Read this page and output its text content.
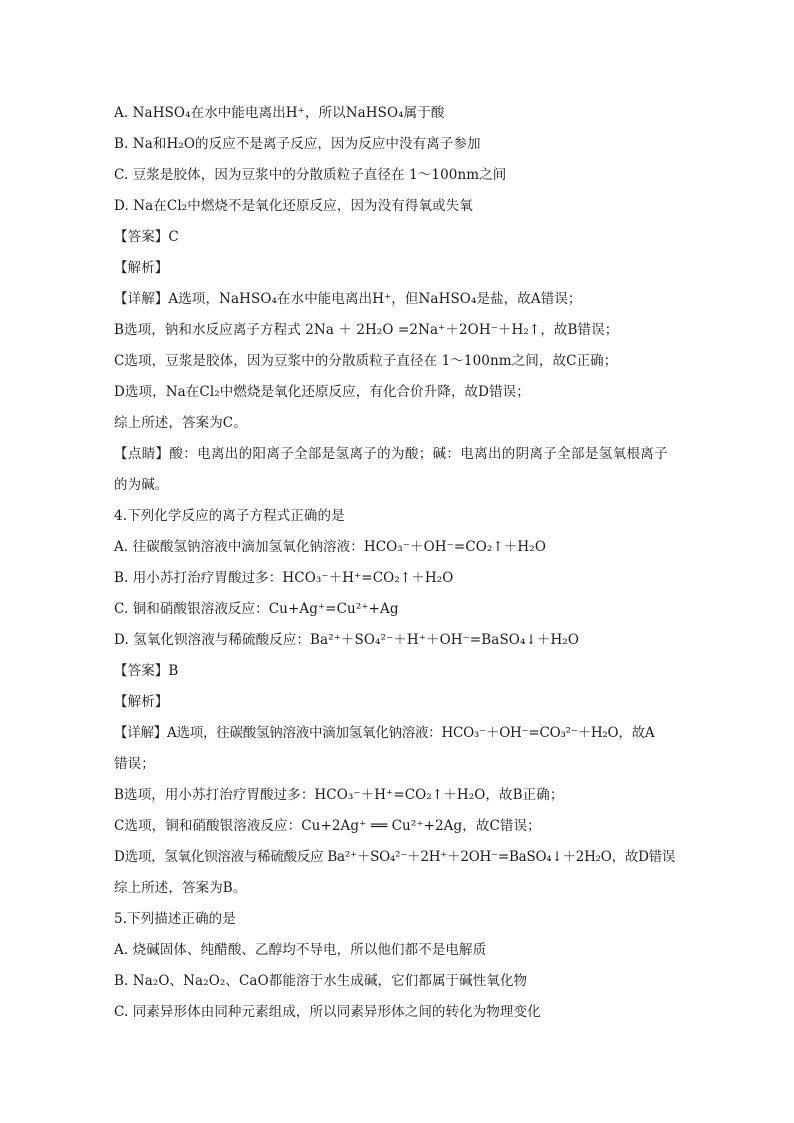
A. NaHSO₄在水中能电离出H⁺，所以NaHSO₄属于酸
B. Na和H₂O的反应不是离子反应，因为反应中没有离子参加
C. 豆浆是胶体，因为豆浆中的分散质粒子直径在 1～100nm之间
D. Na在Cl₂中燃烧不是氧化还原反应，因为没有得氧或失氧
【答案】C
【解析】
【详解】A选项，NaHSO₄在水中能电离出H⁺，但NaHSO₄是盐，故A错误；
B选项，钠和水反应离子方程式 2Na ＋ 2H₂O =2Na⁺＋2OH⁻＋H₂↑，故B错误；
C选项，豆浆是胶体，因为豆浆中的分散质粒子直径在 1～100nm之间，故C正确；
D选项，Na在Cl₂中燃烧是氧化还原反应，有化合价升降，故D错误；
综上所述，答案为C。
【点睛】酸：电离出的阳离子全部是氢离子的为酸；碱：电离出的阴离子全部是氢氧根离子
的为碱。
4.下列化学反应的离子方程式正确的是
A. 往碳酸氢钠溶液中滴加氢氧化钠溶液：HCO₃⁻＋OH⁻=CO₂↑＋H₂O
B. 用小苏打治疗胃酸过多：HCO₃⁻＋H⁺=CO₂↑＋H₂O
C. 铜和硝酸银溶液反应：Cu+Ag⁺=Cu²⁺+Ag
D. 氢氧化钡溶液与稀硫酸反应：Ba²⁺＋SO₄²⁻＋H⁺＋OH⁻=BaSO₄↓＋H₂O
【答案】B
【解析】
【详解】A选项，往碳酸氢钠溶液中滴加氢氧化钠溶液：HCO₃⁻＋OH⁻=CO₃²⁻＋H₂O，故A
错误；
B选项，用小苏打治疗胃酸过多：HCO₃⁻＋H⁺=CO₂↑＋H₂O，故B正确；
C选项，铜和硝酸银溶液反应：Cu+2Ag⁺ ══ Cu²⁺+2Ag，故C错误；
D选项，氢氧化钡溶液与稀硫酸反应 Ba²⁺＋SO₄²⁻＋2H⁺＋2OH⁻=BaSO₄↓＋2H₂O，故D错误
综上所述，答案为B。
5.下列描述正确的是
A. 烧碱固体、纯醋酸、乙醇均不导电，所以他们都不是电解质
B. Na₂O、Na₂O₂、CaO都能溶于水生成碱，它们都属于碱性氧化物
C. 同素异形体由同种元素组成，所以同素异形体之间的转化为物理变化
